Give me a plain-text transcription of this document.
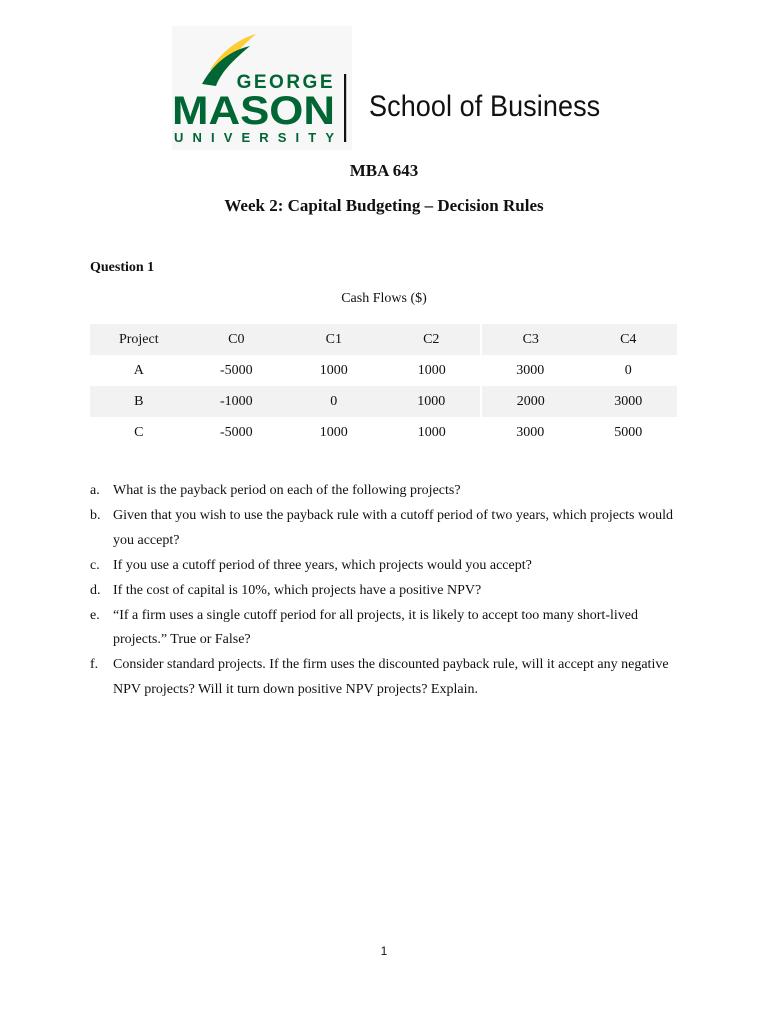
GEORGE
MASON
UNIVERSITY
School of Business
MBA 643
Week 2: Capital Budgeting – Decision Rules
Question 1
Cash Flows ($)
Project	C0	C1	C2	C3	C4
A	-5000	1000	1000	3000	0
B	-1000	0	1000	2000	3000
C	-5000	1000	1000	3000	5000
a. What is the payback period on each of the following projects?
b. Given that you wish to use the payback rule with a cutoff period of two years, which projects would you accept?
c. If you use a cutoff period of three years, which projects would you accept?
d. If the cost of capital is 10%, which projects have a positive NPV?
e. “If a firm uses a single cutoff period for all projects, it is likely to accept too many short-lived projects.” True or False?
f. Consider standard projects. If the firm uses the discounted payback rule, will it accept any negative NPV projects? Will it turn down positive NPV projects? Explain.
1
